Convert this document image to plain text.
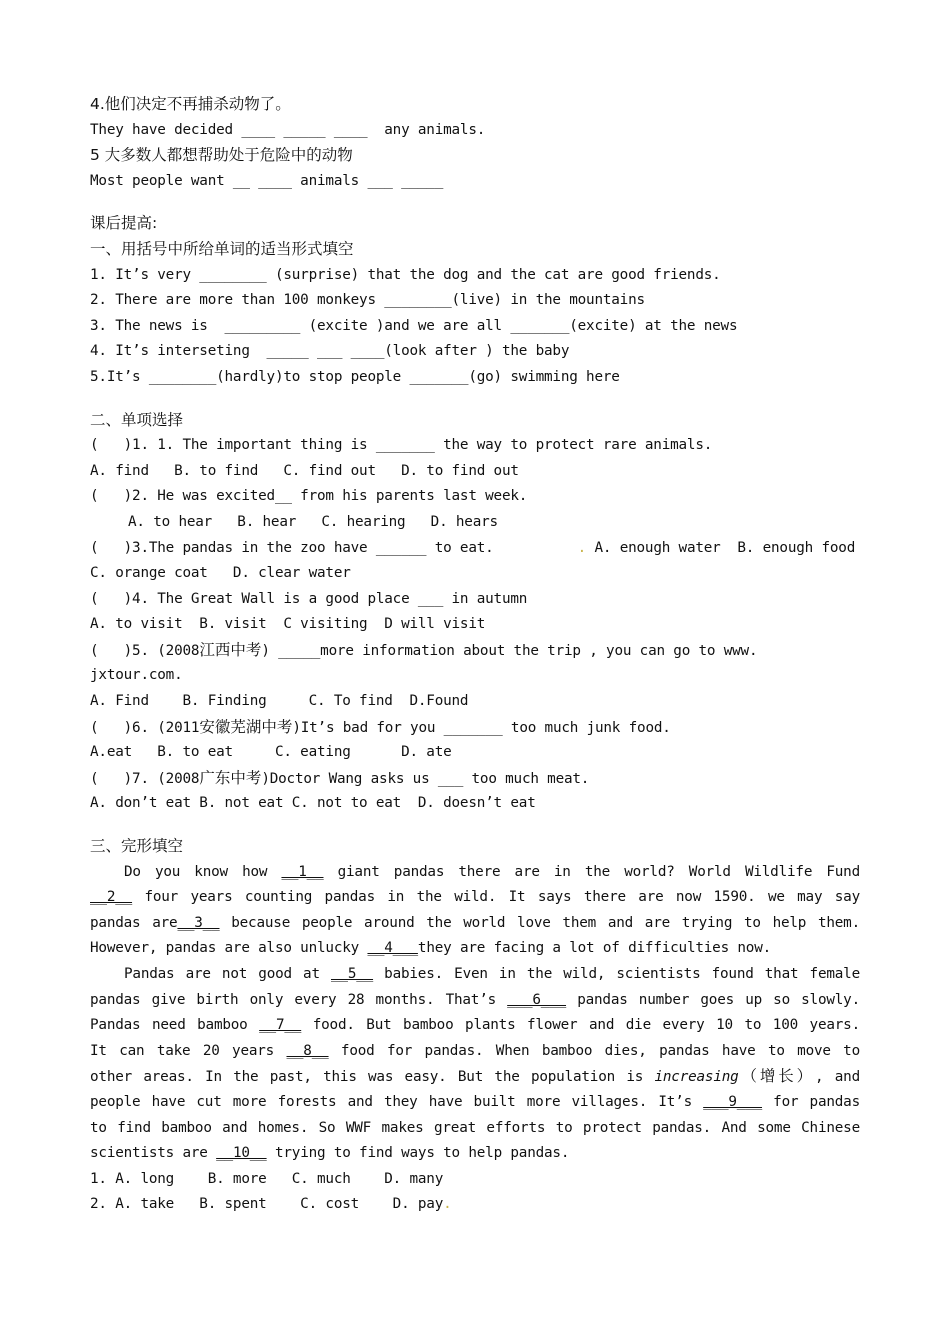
4.他们决定不再捕杀动物了。
They have decided ____ _____ ____  any animals.
5 大多数人都想帮助处于危险中的动物
Most people want __ ____ animals ___ _____
课后提高:
一、用括号中所给单词的适当形式填空
1. It’s very ________ (surprise) that the dog and the cat are good friends.
2. There are more than 100 monkeys ________(live) in the mountains
3. The news is  _________ (excite )and we are all _______(excite) at the news
4. It’s interseting  _____ ___ ____(look after ) the baby
5.It’s ________(hardly)to stop people _______(go) swimming here
二、单项选择
(   )1. 1. The important thing is _______ the way to protect rare animals.
A. find   B. to find   C. find out   D. to find out
(   )2. He was excited__ from his parents last week.
A. to hear   B. hear   C. hearing   D. hears
(   )3.The pandas in the zoo have ______ to eat.          . A. enough water  B. enough food
C. orange coat   D. clear water
(   )4. The Great Wall is a good place ___ in autumn
A. to visit  B. visit  C visiting  D will visit
(   )5. (2008江西中考) _____more information about the trip , you can go to www.
jxtour.com.
A. Find    B. Finding     C. To find  D.Found
(   )6. (2011安徽芜湖中考)It’s bad for you _______ too much junk food.
A.eat   B. to eat     C. eating      D. ate
(   )7. (2008广东中考)Doctor Wang asks us ___ too much meat.
A. don’t eat B. not eat C. not to eat  D. doesn’t eat
三、完形填空
Do you know how __1__ giant pandas there are in the world? World Wildlife Fund
__2__ four years counting pandas in the wild. It says there are now 1590. we may say
pandas are__3__ because people around the world love them and are trying to help them.
However, pandas are also unlucky __4___they are facing a lot of difficulties now.
Pandas are not good at __5__ babies. Even in the wild, scientists found that female
pandas give birth only every 28 months. That’s ___6___ pandas number goes up so slowly.
Pandas need bamboo __7__ food. But bamboo plants flower and die every 10 to 100 years.
It can take 20 years __8__ food for pandas. When bamboo dies, pandas have to move to
other areas. In the past, this was easy. But the population is increasing（增长）, and
people have cut more forests and they have built more villages. It’s ___9___ for pandas
to find bamboo and homes. So WWF makes great efforts to protect pandas. And some Chinese
scientists are __10__ trying to find ways to help pandas.
1. A. long    B. more   C. much    D. many
2. A. take   B. spent    C. cost    D. pay.
